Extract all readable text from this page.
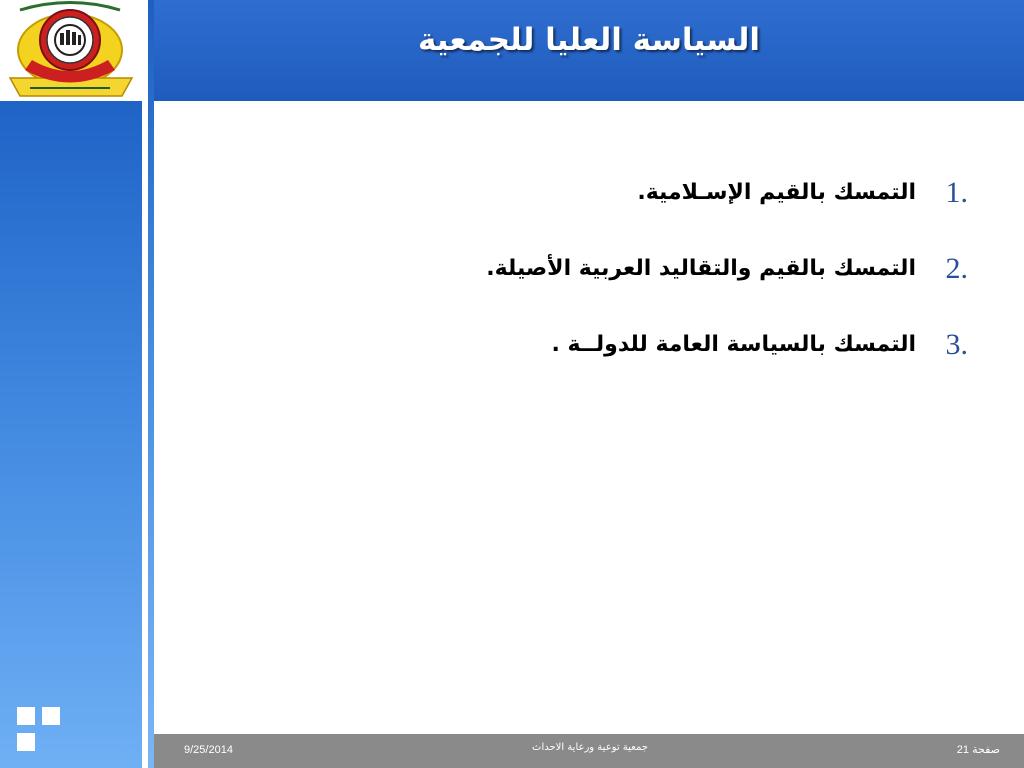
السياسة العليا للجمعية
1.
التمسك بالقيم الإسـلامية.
2.
التمسك بالقيم والتقاليد العربية الأصيلة.
3.
التمسك بالسياسة العامة للدولــة .
9/25/2014	جمعية توعية ورعاية الاحداث	صفحة 21
